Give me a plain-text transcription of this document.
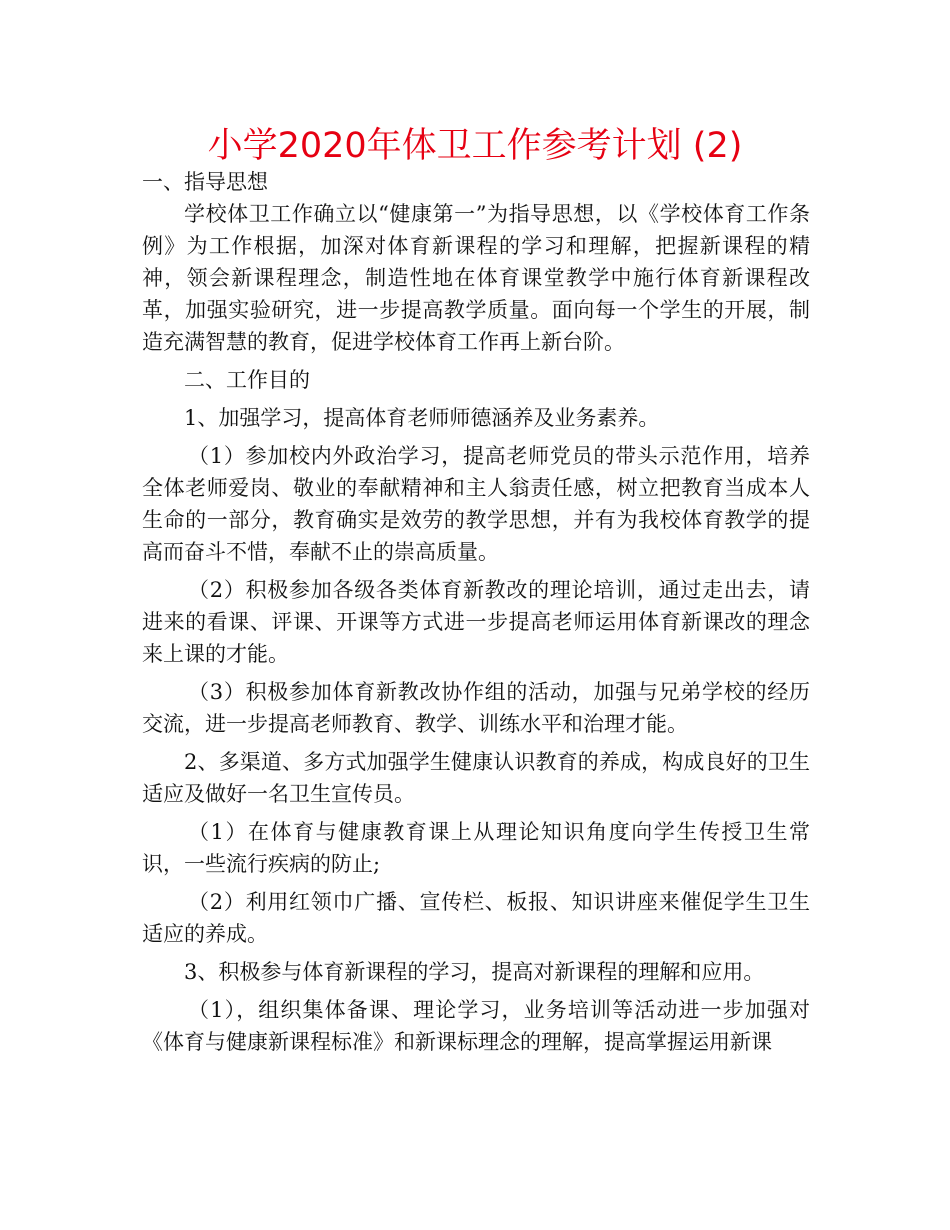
小学2020年体卫工作参考计划 (2)

一、指导思想

学校体卫工作确立以“健康第一”为指导思想，以《学校体育工作条例》为工作根据，加深对体育新课程的学习和理解，把握新课程的精神，领会新课程理念，制造性地在体育课堂教学中施行体育新课程改革，加强实验研究，进一步提高教学质量。面向每一个学生的开展，制造充满智慧的教育，促进学校体育工作再上新台阶。

二、工作目的

1、加强学习，提高体育老师师德涵养及业务素养。

（1）参加校内外政治学习，提高老师党员的带头示范作用，培养全体老师爱岗、敬业的奉献精神和主人翁责任感，树立把教育当成本人生命的一部分，教育确实是效劳的教学思想，并有为我校体育教学的提高而奋斗不惜，奉献不止的崇高质量。

（2）积极参加各级各类体育新教改的理论培训，通过走出去，请进来的看课、评课、开课等方式进一步提高老师运用体育新课改的理念来上课的才能。

（3）积极参加体育新教改协作组的活动，加强与兄弟学校的经历交流，进一步提高老师教育、教学、训练水平和治理才能。

2、多渠道、多方式加强学生健康认识教育的养成，构成良好的卫生适应及做好一名卫生宣传员。

（1）在体育与健康教育课上从理论知识角度向学生传授卫生常识，一些流行疾病的防止;

（2）利用红领巾广播、宣传栏、板报、知识讲座来催促学生卫生适应的养成。

3、积极参与体育新课程的学习，提高对新课程的理解和应用。

（1），组织集体备课、理论学习，业务培训等活动进一步加强对《体育与健康新课程标准》和新课标理念的理解，提高掌握运用新课
